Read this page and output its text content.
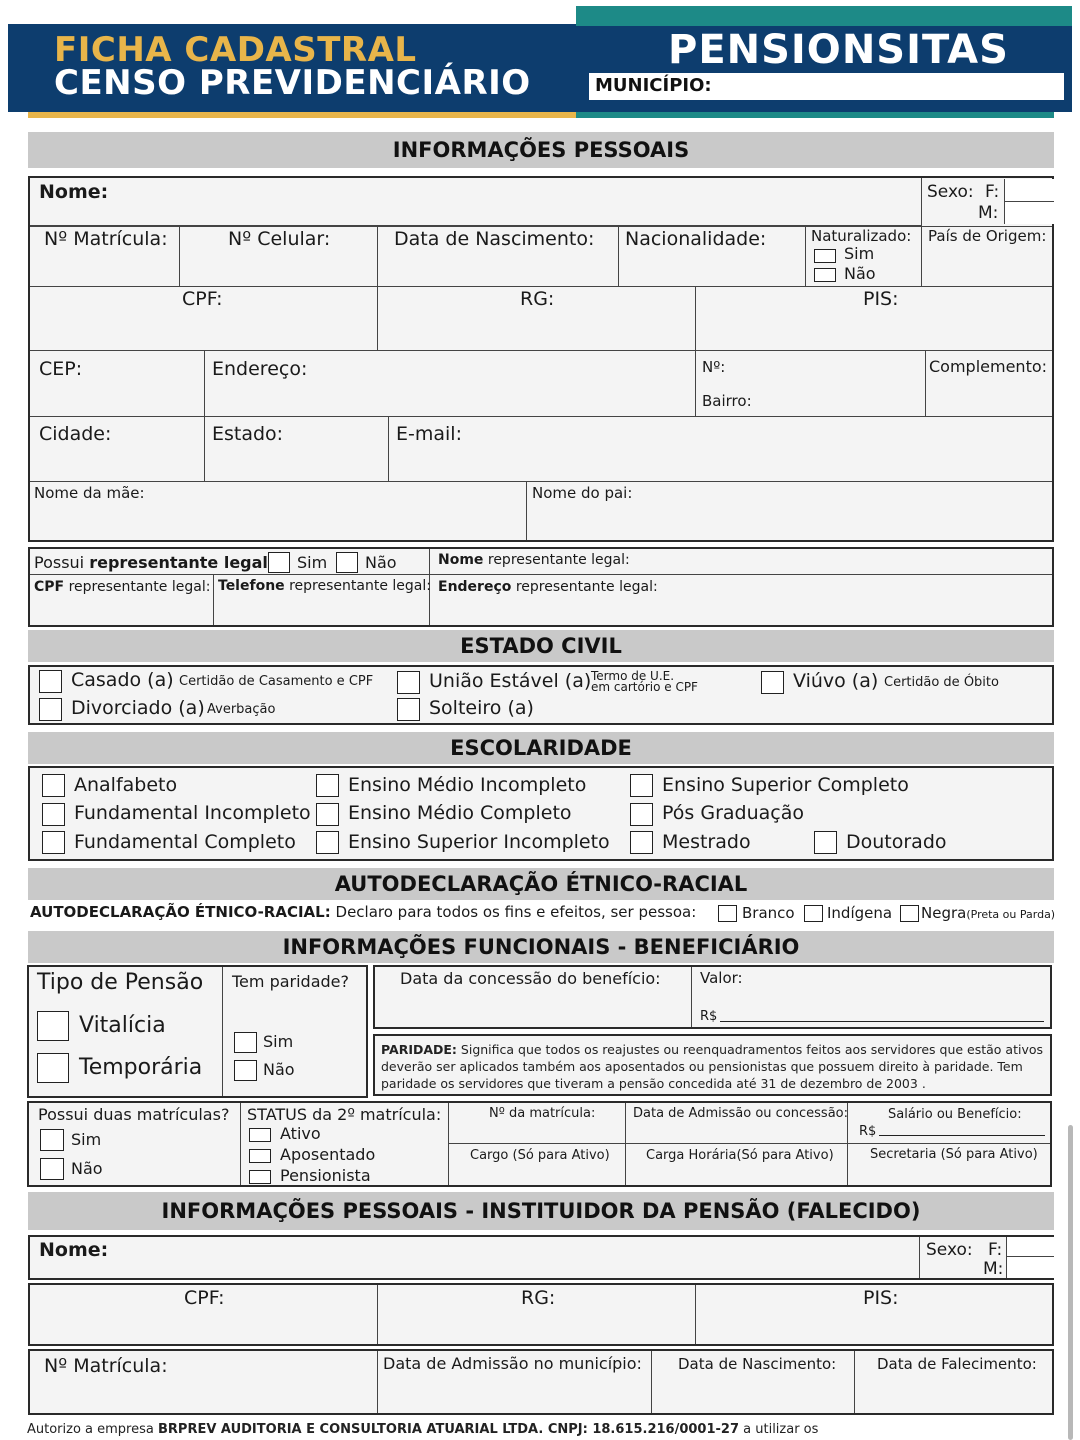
FICHA CADASTRAL
CENSO PREVIDENCIÁRIO
PENSIONSITAS
MUNICÍPIO:
INFORMAÇÕES PESSOAIS
Nome:	Sexo: F:
M:
Nº Matrícula:	Nº Celular:	Data de Nascimento: Nacionalidade:	Naturalizado:
Sim
Não
País de Origem:
CPF:	RG:	PIS:
CEP:	Endereço:	Nº:
Bairro:
Complemento:
Cidade:	Estado:	E-mail:
Nome da mãe:	Nome do pai:
Possui representante legal	Sim Não	Nome representante legal:
CPF representante legal: Telefone representante legal: Endereço representante legal:
ESTADO CIVIL
Casado (a) Certidão de Casamento e CPF
Divorciado (a) Averbação
União Estável (a) Termo de U.E.
em cartório e CPF
Solteiro (a)
Viúvo (a) Certidão de Óbito
ESCOLARIDADE
Analfabeto
Fundamental Incompleto
Fundamental Completo
Ensino Médio Incompleto
Ensino Médio Completo
Ensino Superior Incompleto
Ensino Superior Completo
Pós Graduação
Mestrado	Doutorado
AUTODECLARAÇÃO ÉTNICO-RACIAL
AUTODECLARAÇÃO ÉTNICO-RACIAL: Declaro para todos os fins e efeitos, ser pessoa:	Branco Indígena Negra(Preta ou Parda)
INFORMAÇÕES FUNCIONAIS - BENEFICIÁRIO
Tipo de Pensão
Vitalícia
Temporária
Tem paridade?
Sim
Não
Data da concessão do benefício:	Valor:
R$
PARIDADE: Significa que todos os reajustes ou reenquadramentos feitos aos servidores que estão ativos deverão ser aplicados também aos aposentados ou pensionistas que possuem direito à paridade. Tem paridade os servidores que tiveram a pensão concedida até 31 de dezembro de 2003 .
Possui duas matrículas?
Sim
Não
STATUS da 2º matrícula:
Ativo
Aposentado
Pensionista
Nº da matrícula:	Data de Admissão ou concessão:	Salário ou Benefício:
R$
Cargo (Só para Ativo)	Carga Horária(Só para Ativo)	Secretaria (Só para Ativo)
INFORMAÇÕES PESSOAIS - INSTITUIDOR DA PENSÃO (FALECIDO)
Nome:	Sexo: F:
M:
CPF:	RG:	PIS:
Nº Matrícula:	Data de Admissão no município: Data de Nascimento:	Data de Falecimento:
Autorizo a empresa BRPREV AUDITORIA E CONSULTORIA ATUARIAL LTDA. CNPJ: 18.615.216/0001-27 a utilizar os
